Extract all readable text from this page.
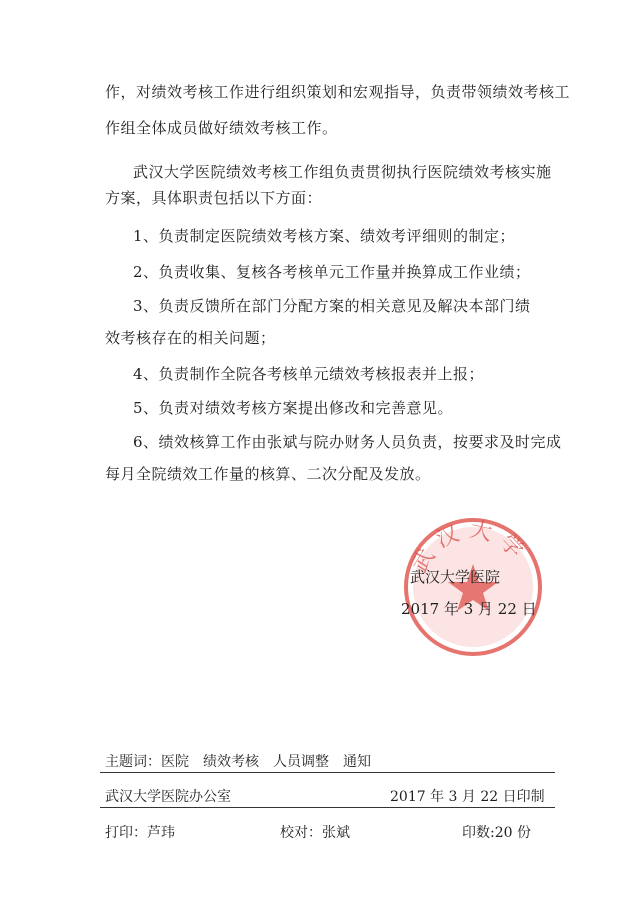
作，对绩效考核工作进行组织策划和宏观指导，负责带领绩效考核工
作组全体成员做好绩效考核工作。
武汉大学医院绩效考核工作组负责贯彻执行医院绩效考核实施
方案，具体职责包括以下方面：
1、负责制定医院绩效考核方案、绩效考评细则的制定；
2、负责收集、复核各考核单元工作量并换算成工作业绩；
3、负责反馈所在部门分配方案的相关意见及解决本部门绩
效考核存在的相关问题；
4、负责制作全院各考核单元绩效考核报表并上报；
5、负责对绩效考核方案提出修改和完善意见。
6、绩效核算工作由张斌与院办财务人员负责，按要求及时完成
每月全院绩效工作量的核算、二次分配及发放。
武汉大学
武汉大学医院
2017 年 3 月 22 日
主题词：医院 绩效考核 人员调整 通知
武汉大学医院办公室	2017 年 3 月 22 日印制
打印：芦玮	校对：张斌	印数:20 份
